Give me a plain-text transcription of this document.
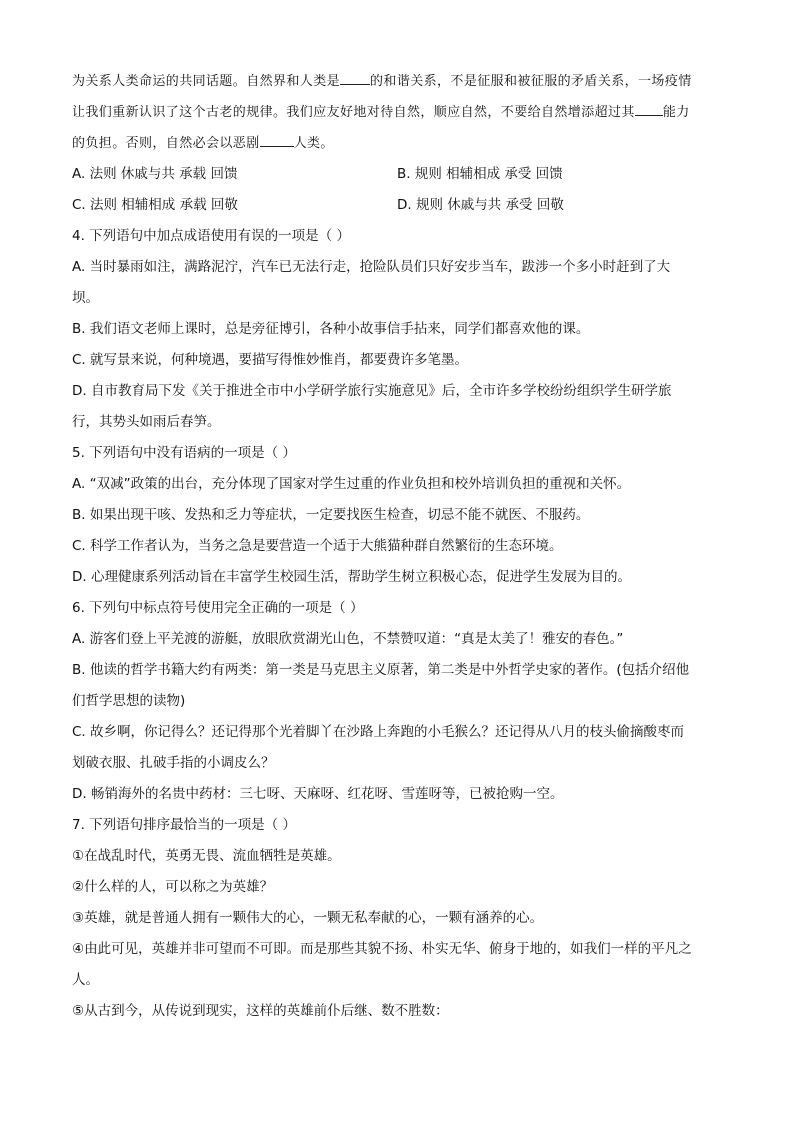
为关系人类命运的共同话题。自然界和人类是 的和谐关系，不是征服和被征服的矛盾关系，一场疫情
让我们重新认识了这个古老的规律。我们应友好地对待自然，顺应自然，不要给自然增添超过其 能力
的负担。否则，自然必会以恶剧	人类。
A. 法则 休戚与共 承载 回馈	B. 规则 相辅相成 承受 回馈
C. 法则 相辅相成 承载 回敬	D. 规则 休戚与共 承受 回敬
4. 下列语句中加点成语使用有误的一项是（ ）
A. 当时暴雨如注，满路泥泞，汽车已无法行走，抢险队员们只好安步当车，跋涉一个多小时赶到了大
坝。
B. 我们语文老师上课时，总是旁征博引，各种小故事信手拈来，同学们都喜欢他的课。
C. 就写景来说，何种境遇，要描写得惟妙惟肖，都要费许多笔墨。
D. 自市教育局下发《关于推进全市中小学研学旅行实施意见》后，全市许多学校纷纷组织学生研学旅
行，其势头如雨后春笋。
5. 下列语句中没有语病的一项是（ ）
A. “双减”政策的出台，充分体现了国家对学生过重的作业负担和校外培训负担的重视和关怀。
B. 如果出现干咳、发热和乏力等症状，一定要找医生检查，切忌不能不就医、不服药。
C. 科学工作者认为，当务之急是要营造一个适于大熊猫种群自然繁衍的生态环境。
D. 心理健康系列活动旨在丰富学生校园生活，帮助学生树立积极心态，促进学生发展为目的。
6. 下列句中标点符号使用完全正确的一项是（ ）
A. 游客们登上平羌渡的游艇，放眼欣赏湖光山色，不禁赞叹道：“真是太美了！雅安的春色。”
B. 他读的哲学书籍大约有两类：第一类是马克思主义原著，第二类是中外哲学史家的著作。(包括介绍他
们哲学思想的读物)
C. 故乡啊，你记得么？还记得那个光着脚丫在沙路上奔跑的小毛猴么？还记得从八月的枝头偷摘酸枣而
划破衣服、扎破手指的小调皮么？
D. 畅销海外的名贵中药材：三七呀、天麻呀、红花呀、雪莲呀等，已被抢购一空。
7. 下列语句排序最恰当的一项是（ ）
①在战乱时代，英勇无畏、流血牺牲是英雄。
②什么样的人，可以称之为英雄？
③英雄，就是普通人拥有一颗伟大的心，一颗无私奉献的心，一颗有涵养的心。
④由此可见，英雄并非可望而不可即。而是那些其貌不扬、朴实无华、俯身于地的，如我们一样的平凡之
人。
⑤从古到今，从传说到现实，这样的英雄前仆后继、数不胜数：
